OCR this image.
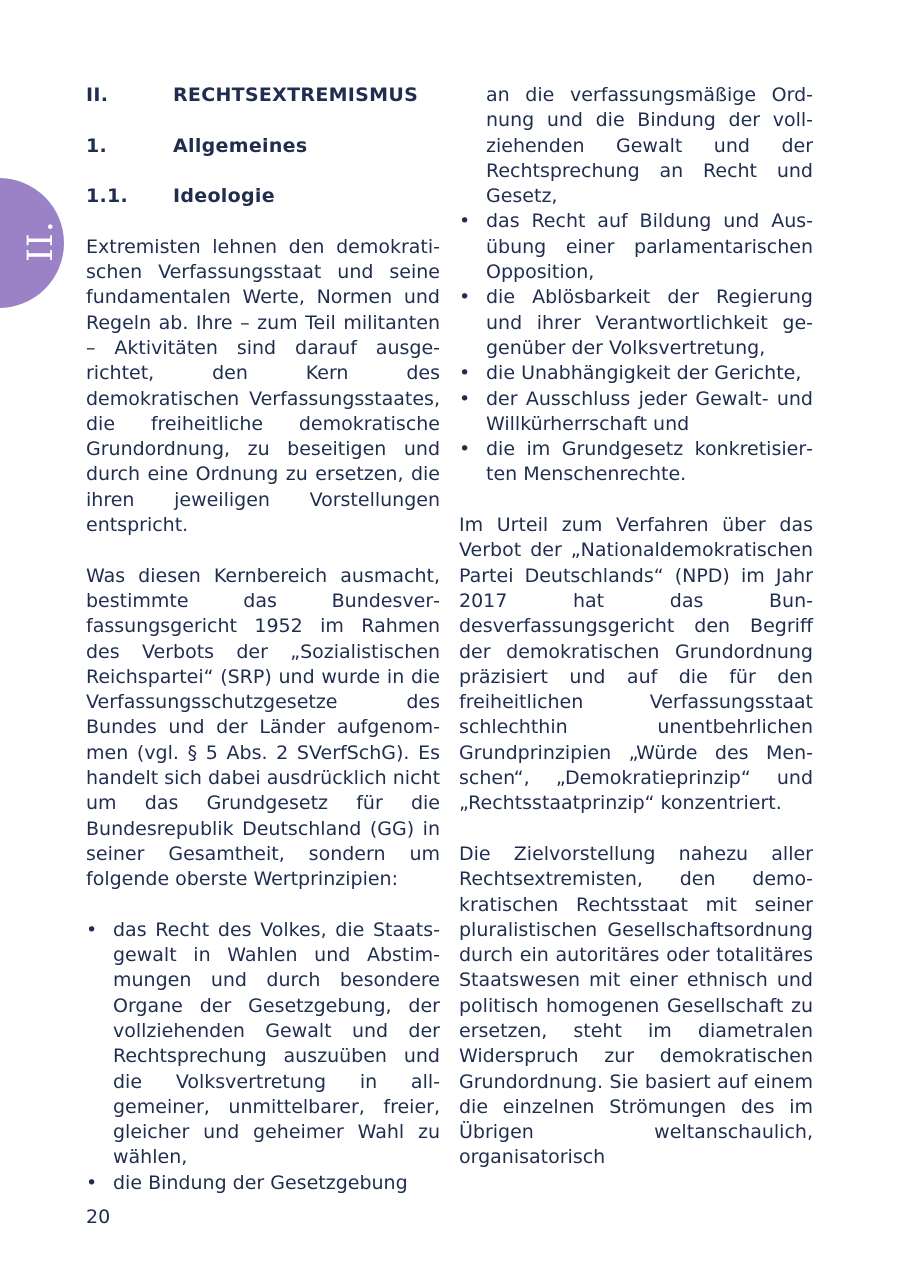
II.
II.	RECHTSEXTREMISMUS
1.	Allgemeines
1.1.	Ideologie

Extremisten lehnen den demokratischen Verfassungsstaat und seine fundamentalen Werte, Normen und Regeln ab. Ihre – zum Teil militanten – Aktivitäten sind darauf ausgerichtet, den Kern des demokratischen Verfassungsstaates, die freiheitliche demokratische Grundordnung, zu beseitigen und durch eine Ordnung zu ersetzen, die ihren jeweiligen Vorstellungen entspricht.

Was diesen Kernbereich ausmacht, bestimmte das Bundesverfassungsgericht 1952 im Rahmen des Verbots der „Sozialistischen Reichspartei“ (SRP) und wurde in die Verfassungsschutzgesetze des Bundes und der Länder aufgenommen (vgl. § 5 Abs. 2 SVerfSchG). Es handelt sich dabei ausdrücklich nicht um das Grundgesetz für die Bundesrepublik Deutschland (GG) in seiner Gesamtheit, sondern um folgende oberste Wertprinzipien:

• das Recht des Volkes, die Staatsgewalt in Wahlen und Abstimmungen und durch besondere Organe der Gesetzgebung, der vollziehenden Gewalt und der Rechtsprechung auszuüben und die Volksvertretung in allgemeiner, unmittelbarer, freier, gleicher und geheimer Wahl zu wählen,
• die Bindung der Gesetzgebung
an die verfassungsmäßige Ordnung und die Bindung der vollziehenden Gewalt und der Rechtsprechung an Recht und Gesetz,
• das Recht auf Bildung und Ausübung einer parlamentarischen Opposition,
• die Ablösbarkeit der Regierung und ihrer Verantwortlichkeit gegenüber der Volksvertretung,
• die Unabhängigkeit der Gerichte,
• der Ausschluss jeder Gewalt- und Willkürherrschaft und
• die im Grundgesetz konkretisierten Menschenrechte.

Im Urteil zum Verfahren über das Verbot der „Nationaldemokratischen Partei Deutschlands“ (NPD) im Jahr 2017 hat das Bundesverfassungsgericht den Begriff der demokratischen Grundordnung präzisiert und auf die für den freiheitlichen Verfassungsstaat schlechthin unentbehrlichen Grundprinzipien „Würde des Menschen“, „Demokratieprinzip“ und „Rechtsstaatprinzip“ konzentriert.

Die Zielvorstellung nahezu aller Rechtsextremisten, den demokratischen Rechtsstaat mit seiner pluralistischen Gesellschaftsordnung durch ein autoritäres oder totalitäres Staatswesen mit einer ethnisch und politisch homogenen Gesellschaft zu ersetzen, steht im diametralen Widerspruch zur demokratischen Grundordnung. Sie basiert auf einem die einzelnen Strömungen des im Übrigen weltanschaulich, organisatorisch

20
